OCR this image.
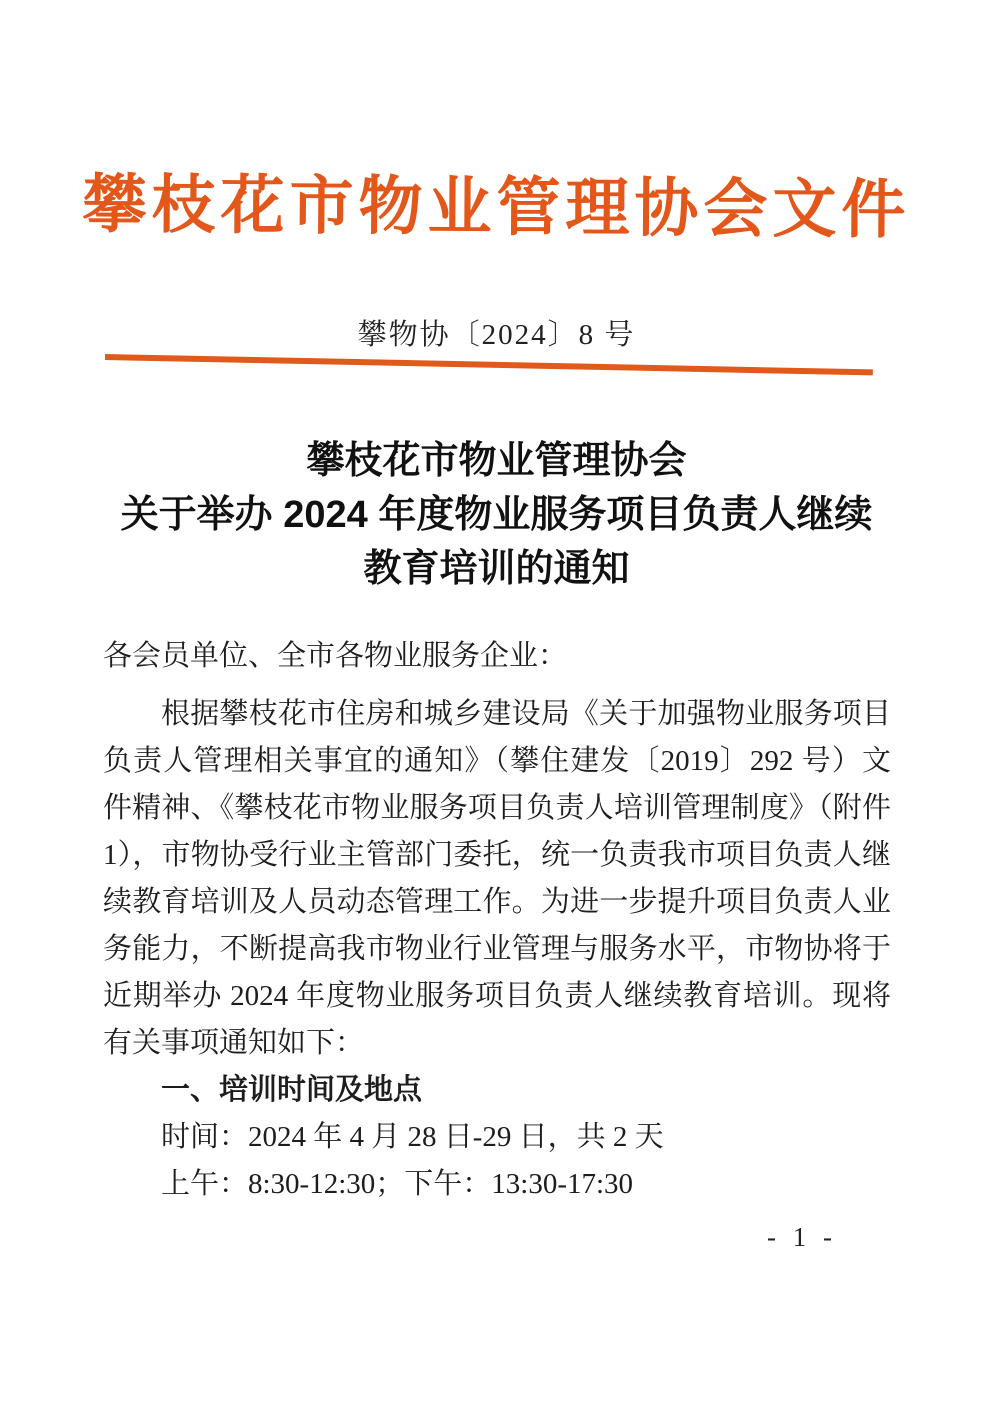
攀枝花市物业管理协会文件
攀物协〔2024〕8 号
攀枝花市物业管理协会
关于举办 2024 年度物业服务项目负责人继续
教育培训的通知

各会员单位、全市各物业服务企业：

根据攀枝花市住房和城乡建设局《关于加强物业服务项目负责人管理相关事宜的通知》（攀住建发〔2019〕292 号）文件精神、《攀枝花市物业服务项目负责人培训管理制度》（附件 1），市物协受行业主管部门委托，统一负责我市项目负责人继续教育培训及人员动态管理工作。为进一步提升项目负责人业务能力，不断提高我市物业行业管理与服务水平，市物协将于近期举办 2024 年度物业服务项目负责人继续教育培训。现将有关事项通知如下：

一、培训时间及地点

时间：2024 年 4 月 28 日-29 日，共 2 天

上午：8:30-12:30；下午：13:30-17:30

- 1 -
